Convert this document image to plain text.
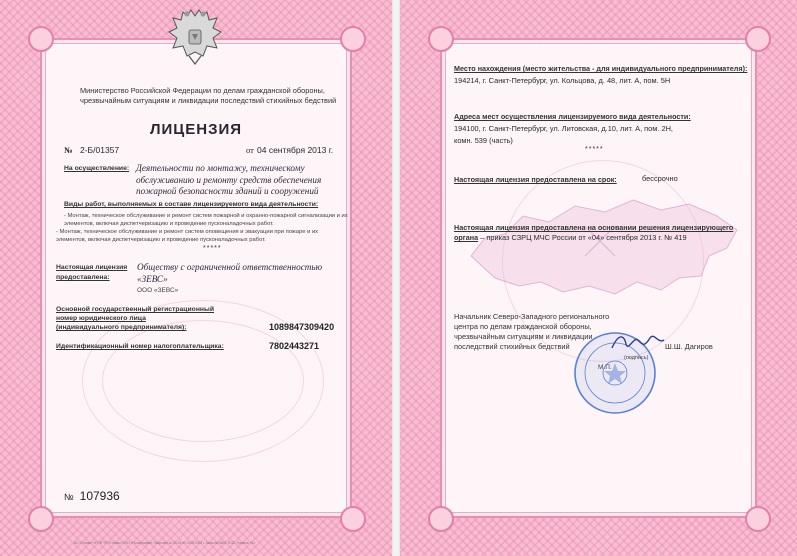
Министерство Российской Федерации по делам гражданской обороны, чрезвычайным ситуациям и ликвидации последствий стихийных бедствий
ЛИЦЕНЗИЯ
№ 2-Б/01357	от 04 сентября 2013 г.
На осуществление: Деятельности по монтажу, техническому обслуживанию и ремонту средств обеспечения пожарной безопасности зданий и сооружений
Виды работ, выполняемых в составе лицензируемого вида деятельности:
- Монтаж, техническое обслуживание и ремонт систем пожарной и охранно-пожарной сигнализации и их элементов, включая диспетчеризацию и проведение пусконаладочных работ.
- Монтаж, техническое обслуживание и ремонт систем оповещения и эвакуации при пожаре и их элементов, включая диспетчеризацию и проведение пусконаладочных работ.
*****
Настоящая лицензия
предоставлена:
Обществу с ограниченной ответственностью «ЗЕВС»
ООО «ЗЕВС»
Основной государственный регистрационный
номер юридического лица
(индивидуального предпринимателя):	1089847309420
Идентификационный номер налогоплательщика:	7802443271
№ 107936
АО «Гознак» МТ ФГУП «Гознак» ООО «Полиграфия» Лицензия № 03-05 от 19.05.2003 г. Заказ № 5600. 2012. Уровень «Б»
Место нахождения (место жительства - для индивидуального предпринимателя):
194214, г. Санкт-Петербург, ул. Кольцова, д. 48, лит. А, пом. 5Н
Адреса мест осуществления лицензируемого вида деятельности:
194100, г. Санкт-Петербург, ул. Литовская, д.10, лит. А, пом. 2Н,
комн. 539 (часть)
*****
Настоящая лицензия предоставлена на срок:	бессрочно
Настоящая лицензия предоставлена на основании решения лицензирующего
органа – приказ СЗРЦ МЧС России от «04» сентября 2013 г. № 419
Начальник Северо-Западного регионального
центра по делам гражданской обороны,
чрезвычайным ситуациям и ликвидации
последствий стихийных бедствий
(подпись)
М.П.
Ш.Ш. Дагиров
